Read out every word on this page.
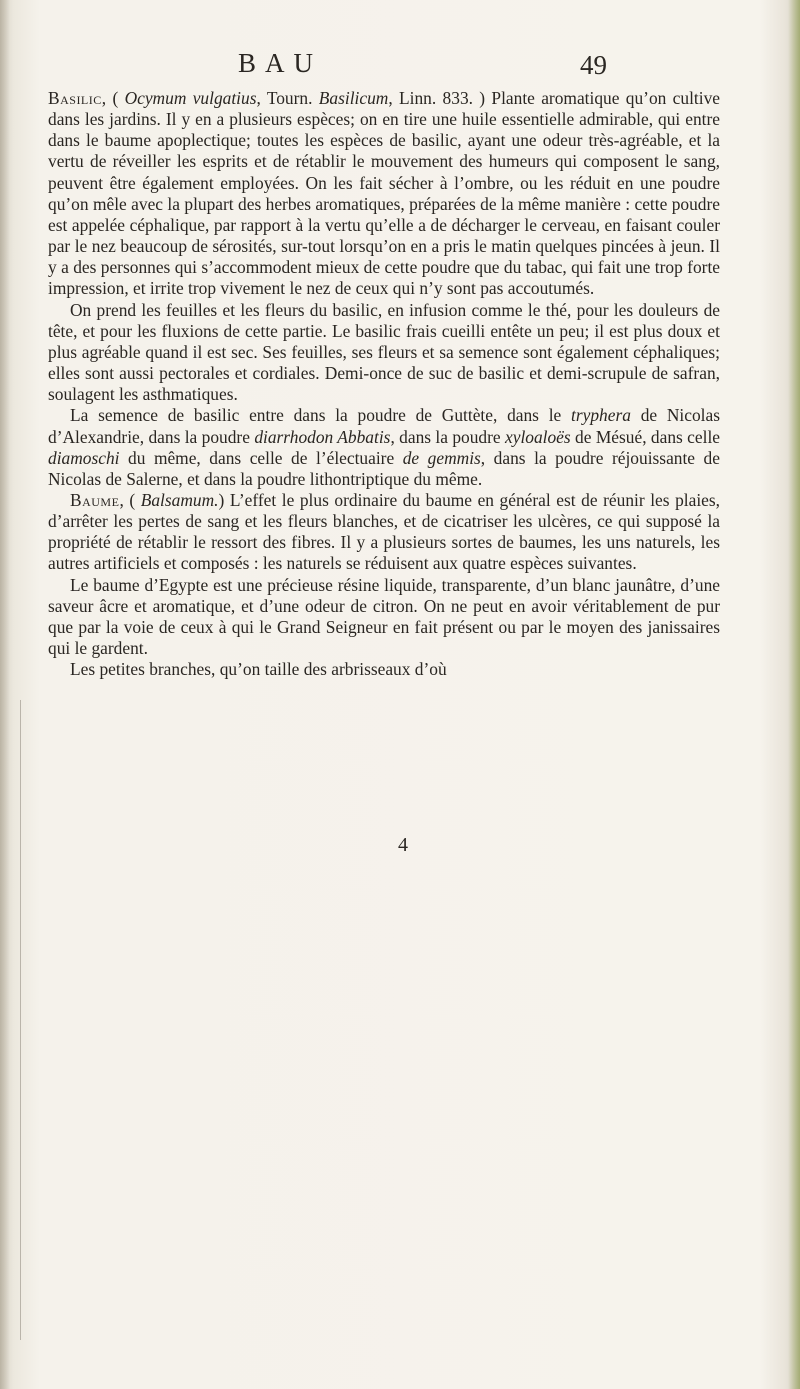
BAU	49

Basilic, ( Ocymum vulgatius, Tourn. Basilicum, Linn. 833. ) Plante aromatique qu’on cultive dans les jardins. Il y en a plusieurs espèces; on en tire une huile essentielle admirable, qui entre dans le baume apoplectique; toutes les espèces de basilic, ayant une odeur très-agréable, et la vertu de réveiller les esprits et de rétablir le mouvement des humeurs qui composent le sang, peuvent être également employées. On les fait sécher à l’ombre, ou les réduit en une poudre qu’on mêle avec la plupart des herbes aromatiques, préparées de la même manière : cette poudre est appelée céphalique, par rapport à la vertu qu’elle a de décharger le cerveau, en faisant couler par le nez beaucoup de sérosités, sur-tout lorsqu’on en a pris le matin quelques pincées à jeun. Il y a des personnes qui s’accommodent mieux de cette poudre que du tabac, qui fait une trop forte impression, et irrite trop vivement le nez de ceux qui n’y sont pas accoutumés.

On prend les feuilles et les fleurs du basilic, en infusion comme le thé, pour les douleurs de tête, et pour les fluxions de cette partie. Le basilic frais cueilli entête un peu; il est plus doux et plus agréable quand il est sec. Ses feuilles, ses fleurs et sa semence sont également céphaliques; elles sont aussi pectorales et cordiales. Demi-once de suc de basilic et demi-scrupule de safran, soulagent les asthmatiques.

La semence de basilic entre dans la poudre de Guttète, dans le tryphera de Nicolas d’Alexandrie, dans la poudre diarrhodon Abbatis, dans la poudre xyloaloës de Mésué, dans celle diamoschi du même, dans celle de l’électuaire de gemmis, dans la poudre réjouissante de Nicolas de Salerne, et dans la poudre lithontriptique du même.

Baume, ( Balsamum.) L’effet le plus ordinaire du baume en général est de réunir les plaies, d’arrêter les pertes de sang et les fleurs blanches, et de cicatriser les ulcères, ce qui supposé la propriété de rétablir le ressort des fibres. Il y a plusieurs sortes de baumes, les uns naturels, les autres artificiels et composés : les naturels se réduisent aux quatre espèces suivantes.

Le baume d’Egypte est une précieuse résine liquide, transparente, d’un blanc jaunâtre, d’une saveur âcre et aromatique, et d’une odeur de citron. On ne peut en avoir véritablement de pur que par la voie de ceux à qui le Grand Seigneur en fait présent ou par le moyen des janissaires qui le gardent.

Les petites branches, qu’on taille des arbrisseaux d’où

4
